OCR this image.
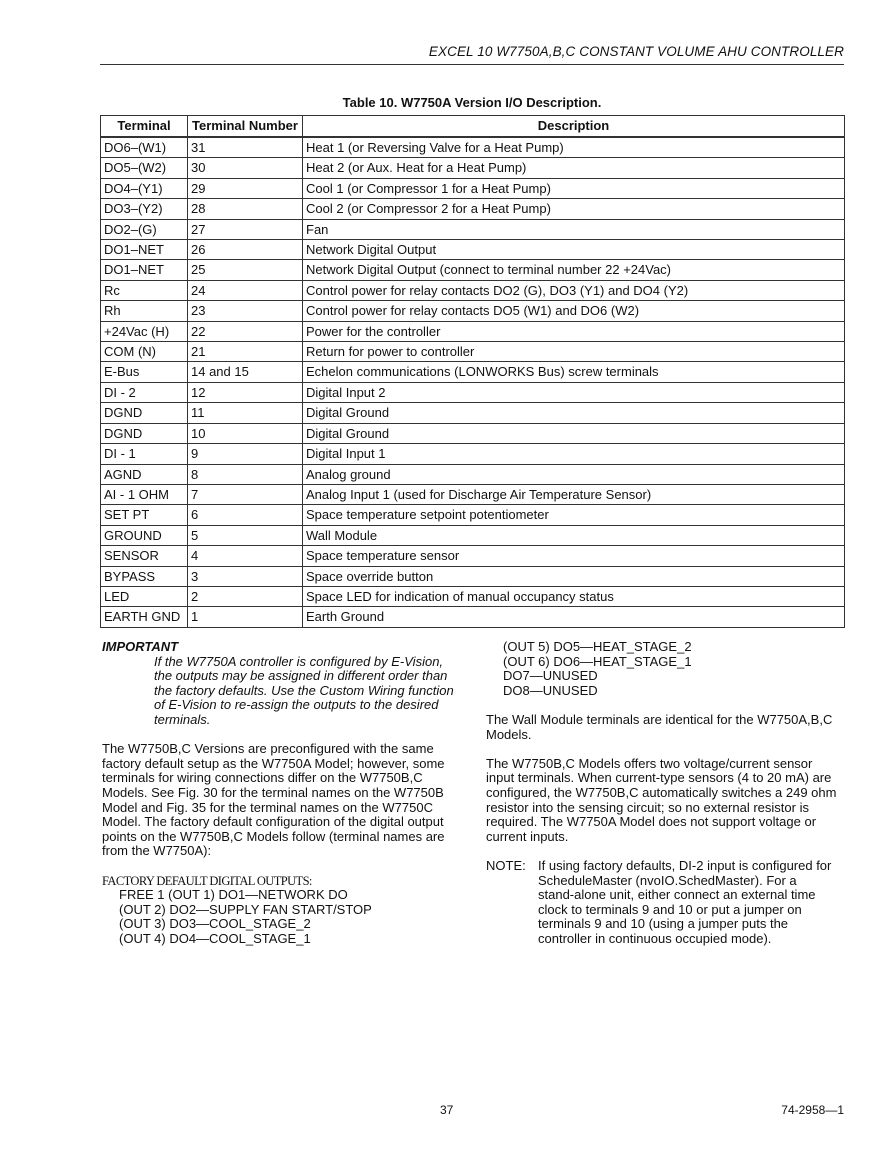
EXCEL 10 W7750A,B,C CONSTANT VOLUME AHU CONTROLLER
Table 10. W7750A Version I/O Description.
Terminal	Terminal Number	Description
DO6–(W1)	31	Heat 1 (or Reversing Valve for a Heat Pump)
DO5–(W2)	30	Heat 2 (or Aux. Heat for a Heat Pump)
DO4–(Y1)	29	Cool 1 (or Compressor 1 for a Heat Pump)
DO3–(Y2)	28	Cool 2 (or Compressor 2 for a Heat Pump)
DO2–(G)	27	Fan
DO1–NET	26	Network Digital Output
DO1–NET	25	Network Digital Output (connect to terminal number 22 +24Vac)
Rc	24	Control power for relay contacts DO2 (G), DO3 (Y1) and DO4 (Y2)
Rh	23	Control power for relay contacts DO5 (W1) and DO6 (W2)
+24Vac (H)	22	Power for the controller
COM (N)	21	Return for power to controller
E-Bus	14 and 15	Echelon communications (LONWORKS Bus) screw terminals
DI - 2	12	Digital Input 2
DGND	11	Digital Ground
DGND	10	Digital Ground
DI - 1	9	Digital Input 1
AGND	8	Analog ground
AI - 1 OHM	7	Analog Input 1 (used for Discharge Air Temperature Sensor)
SET PT	6	Space temperature setpoint potentiometer
GROUND	5	Wall Module
SENSOR	4	Space temperature sensor
BYPASS	3	Space override button
LED	2	Space LED for indication of manual occupancy status
EARTH GND	1	Earth Ground
IMPORTANT
If the W7750A controller is configured by E-Vision,
the outputs may be assigned in different order than
the factory defaults. Use the Custom Wiring function
of E-Vision to re-assign the outputs to the desired
terminals.
The W7750B,C Versions are preconfigured with the same
factory default setup as the W7750A Model; however, some
terminals for wiring connections differ on the W7750B,C
Models. See Fig. 30 for the terminal names on the W7750B
Model and Fig. 35 for the terminal names on the W7750C
Model. The factory default configuration of the digital output
points on the W7750B,C Models follow (terminal names are
from the W7750A):
FACTORY DEFAULT DIGITAL OUTPUTS:
FREE 1 (OUT 1) DO1—NETWORK DO
(OUT 2) DO2—SUPPLY FAN START/STOP
(OUT 3) DO3—COOL_STAGE_2
(OUT 4) DO4—COOL_STAGE_1
(OUT 5) DO5—HEAT_STAGE_2
(OUT 6) DO6—HEAT_STAGE_1
DO7—UNUSED
DO8—UNUSED
The Wall Module terminals are identical for the W7750A,B,C
Models.
The W7750B,C Models offers two voltage/current sensor
input terminals. When current-type sensors (4 to 20 mA) are
configured, the W7750B,C automatically switches a 249 ohm
resistor into the sensing circuit; so no external resistor is
required. The W7750A Model does not support voltage or
current inputs.
NOTE: If using factory defaults, DI-2 input is configured for
ScheduleMaster (nvoIO.SchedMaster). For a
stand-alone unit, either connect an external time
clock to terminals 9 and 10 or put a jumper on
terminals 9 and 10 (using a jumper puts the
controller in continuous occupied mode).
37	74-2958—1
